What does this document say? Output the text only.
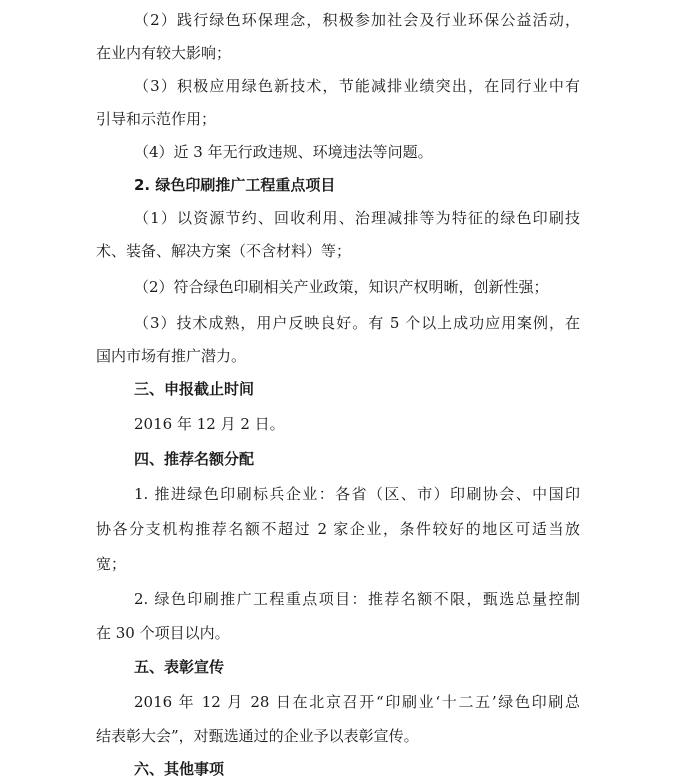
（2）践行绿色环保理念，积极参加社会及行业环保公益活动，
在业内有较大影响；
（3）积极应用绿色新技术，节能减排业绩突出，在同行业中有
引导和示范作用；
（4）近 3 年无行政违规、环境违法等问题。
2. 绿色印刷推广工程重点项目
（1）以资源节约、回收利用、治理减排等为特征的绿色印刷技
术、装备、解决方案（不含材料）等；
（2）符合绿色印刷相关产业政策，知识产权明晰，创新性强；
（3）技术成熟，用户反映良好。有 5 个以上成功应用案例，在
国内市场有推广潜力。
三、申报截止时间
2016 年 12 月 2 日。
四、推荐名额分配
1. 推进绿色印刷标兵企业：各省（区、市）印刷协会、中国印
协各分支机构推荐名额不超过 2 家企业，条件较好的地区可适当放
宽；
2. 绿色印刷推广工程重点项目：推荐名额不限，甄选总量控制
在 30 个项目以内。
五、表彰宣传
2016 年 12 月 28 日在北京召开“印刷业‘十二五’绿色印刷总
结表彰大会”，对甄选通过的企业予以表彰宣传。
六、其他事项
